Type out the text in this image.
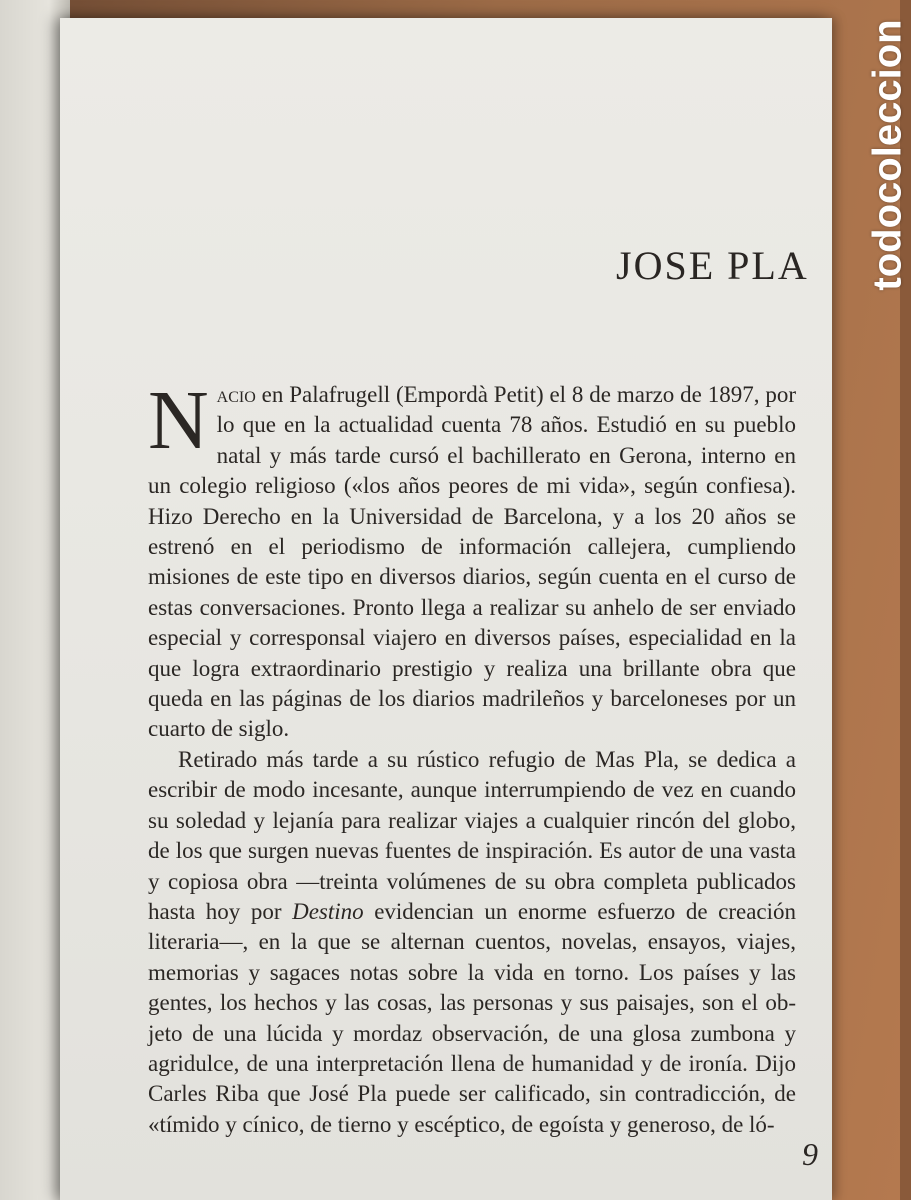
JOSE PLA

Nacio en Palafrugell (Empordà Petit) el 8 de marzo de 1897, por lo que en la actualidad cuenta 78 años. Estudió en su pueblo natal y más tarde cursó el bachillerato en Gerona, interno en un colegio religioso («los años peores de mi vida», según confiesa). Hizo Derecho en la Universidad de Barcelona, y a los 20 años se estrenó en el periodismo de información callejera, cumpliendo misiones de este tipo en diversos diarios, según cuenta en el curso de estas conversaciones. Pronto llega a realizar su anhelo de ser enviado especial y corresponsal viajero en diversos países, especialidad en la que logra extraordinario prestigio y realiza una brillante obra que queda en las páginas de los diarios madrileños y barceloneses por un cuarto de siglo.

Retirado más tarde a su rústico refugio de Mas Pla, se dedica a escribir de modo incesante, aunque interrumpiendo de vez en cuando su soledad y lejanía para realizar viajes a cualquier rincón del globo, de los que surgen nuevas fuentes de inspiración. Es autor de una vasta y copiosa obra —treinta volúmenes de su obra completa publicados hasta hoy por Destino evidencian un enorme esfuerzo de creación literaria—, en la que se alternan cuentos, novelas, ensayos, viajes, memorias y sagaces notas sobre la vida en torno. Los países y las gentes, los hechos y las cosas, las personas y sus paisajes, son el objeto de una lúcida y mordaz observación, de una glosa zumbona y agridulce, de una interpretación llena de humanidad y de ironía. Dijo Carles Riba que José Pla puede ser calificado, sin contradicción, de «tímido y cínico, de tierno y escéptico, de egoísta y generoso, de ló-

9
todocoleccion
